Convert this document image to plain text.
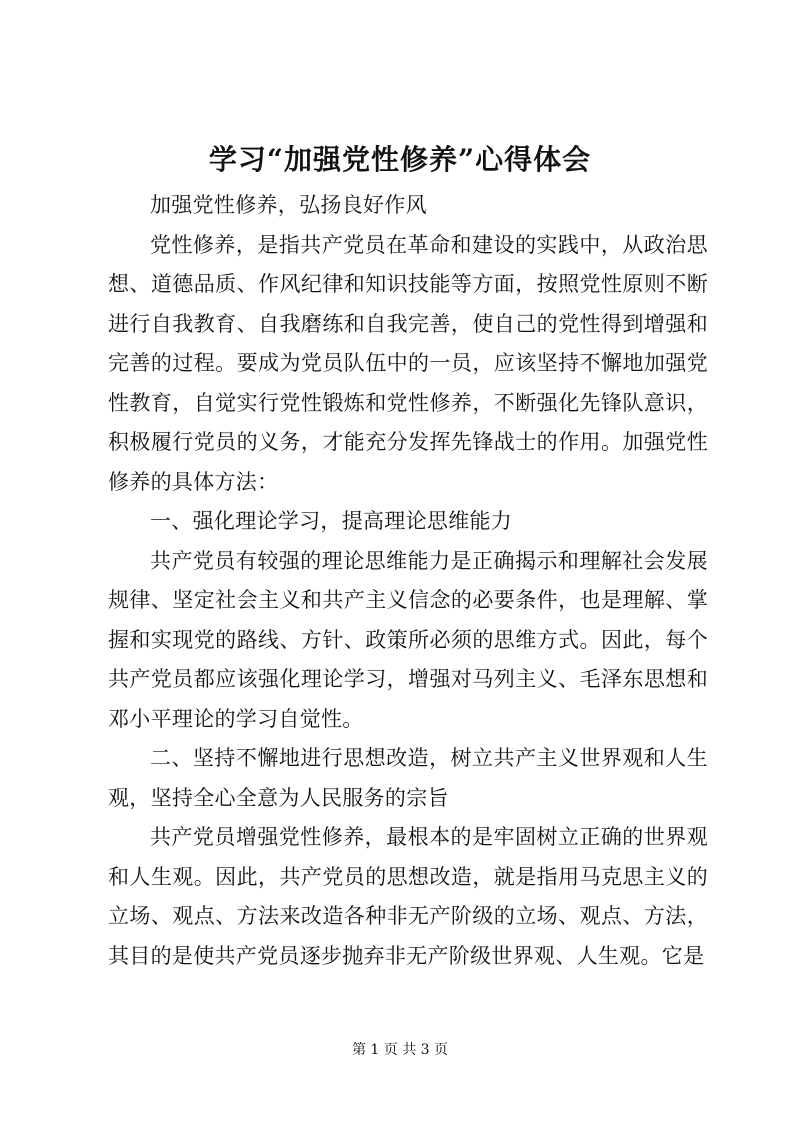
学习“加强党性修养”心得体会

加强党性修养，弘扬良好作风

党性修养，是指共产党员在革命和建设的实践中，从政治思想、道德品质、作风纪律和知识技能等方面，按照党性原则不断进行自我教育、自我磨练和自我完善，使自己的党性得到增强和完善的过程。要成为党员队伍中的一员，应该坚持不懈地加强党性教育，自觉实行党性锻炼和党性修养，不断强化先锋队意识，积极履行党员的义务，才能充分发挥先锋战士的作用。加强党性修养的具体方法：

一、强化理论学习，提高理论思维能力

共产党员有较强的理论思维能力是正确揭示和理解社会发展规律、坚定社会主义和共产主义信念的必要条件，也是理解、掌握和实现党的路线、方针、政策所必须的思维方式。因此，每个共产党员都应该强化理论学习，增强对马列主义、毛泽东思想和邓小平理论的学习自觉性。

二、坚持不懈地进行思想改造，树立共产主义世界观和人生观，坚持全心全意为人民服务的宗旨

共产党员增强党性修养，最根本的是牢固树立正确的世界观和人生观。因此，共产党员的思想改造，就是指用马克思主义的立场、观点、方法来改造各种非无产阶级的立场、观点、方法，其目的是使共产党员逐步抛弃非无产阶级世界观、人生观。它是

第 1 页 共 3 页
